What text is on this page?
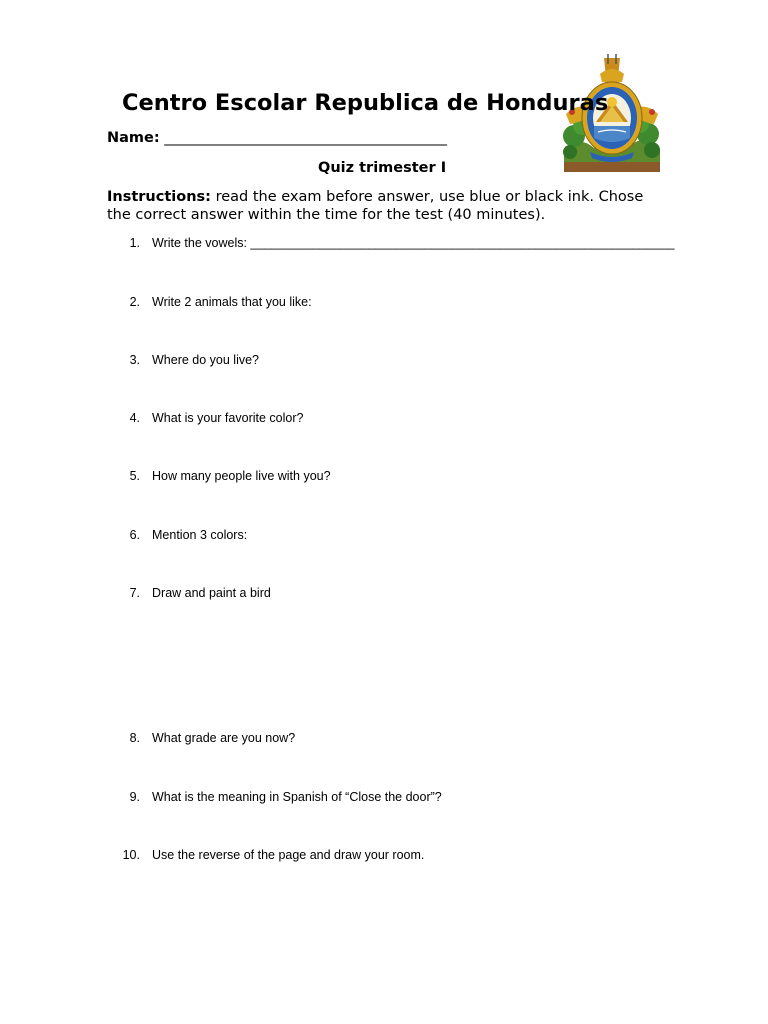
Centro Escolar Republica de Honduras
Name: _______________________________________
Quiz trimester I
Instructions: read the exam before answer, use blue or black ink. Chose the correct answer within the time for the test (40 minutes).
1. Write the vowels: _____________________________________________________________
2. Write 2 animals that you like:
3. Where do you live?
4. What is your favorite color?
5. How many people live with you?
6. Mention 3 colors:
7. Draw and paint a bird
8. What grade are you now?
9. What is the meaning in Spanish of “Close the door”?
10. Use the reverse of the page and draw your room.
